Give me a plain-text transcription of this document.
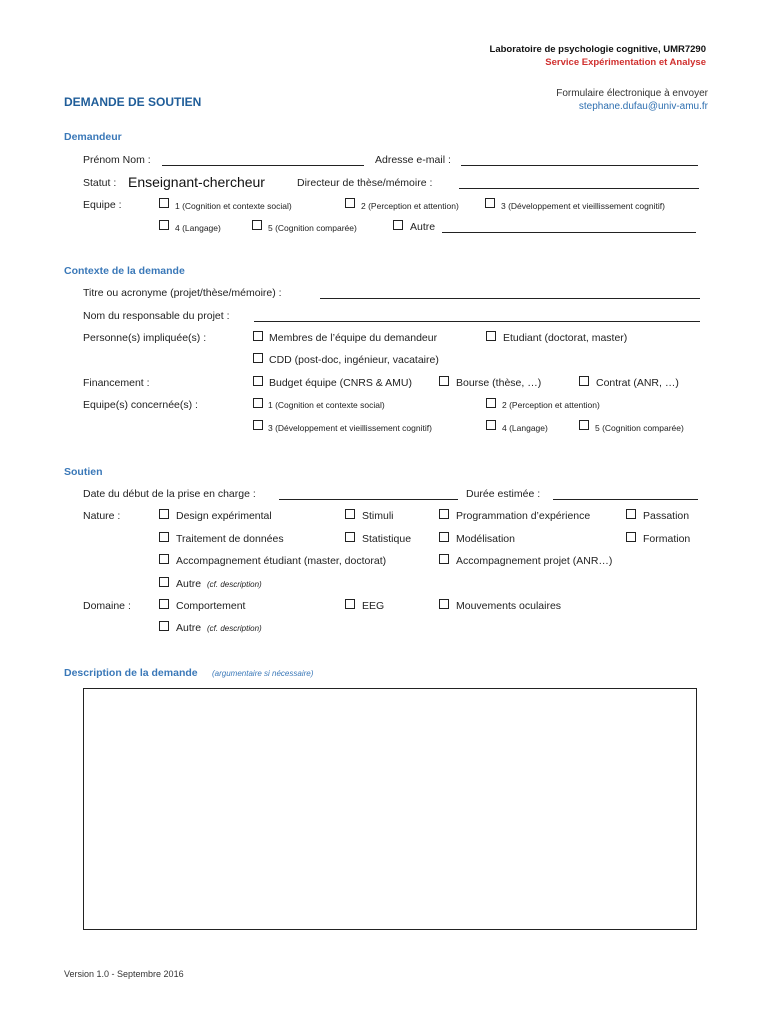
Laboratoire de psychologie cognitive, UMR7290
Service Expérimentation et Analyse
Formulaire électronique à envoyer
stephane.dufau@univ-amu.fr
DEMANDE DE SOUTIEN
Demandeur
Prénom Nom :	Adresse e-mail :
Statut : Enseignant-chercheur	Directeur de thèse/mémoire :
Equipe :	1 (Cognition et contexte social)	2 (Perception et attention)	3 (Développement et vieillissement cognitif)
4 (Langage)	5 (Cognition comparée)	Autre
Contexte de la demande
Titre ou acronyme (projet/thèse/mémoire) :
Nom du responsable du projet :
Personne(s) impliquée(s) :	Membres de l’équipe du demandeur	Etudiant (doctorat, master)
CDD (post-doc, ingénieur, vacataire)
Financement :	Budget équipe (CNRS & AMU)	Bourse (thèse, …)	Contrat (ANR, …)
Equipe(s) concernée(s) :	1 (Cognition et contexte social)	2 (Perception et attention)
3 (Développement et vieillissement cognitif)	4 (Langage)	5 (Cognition comparée)
Soutien
Date du début de la prise en charge :	Durée estimée :
Nature :	Design expérimental	Stimuli	Programmation d’expérience	Passation
Traitement de données	Statistique	Modélisation	Formation
Accompagnement étudiant (master, doctorat)	Accompagnement projet (ANR…)
Autre (cf. description)
Domaine :	Comportement	EEG	Mouvements oculaires
Autre (cf. description)
Description de la demande (argumentaire si nécessaire)
Version 1.0 - Septembre 2016
